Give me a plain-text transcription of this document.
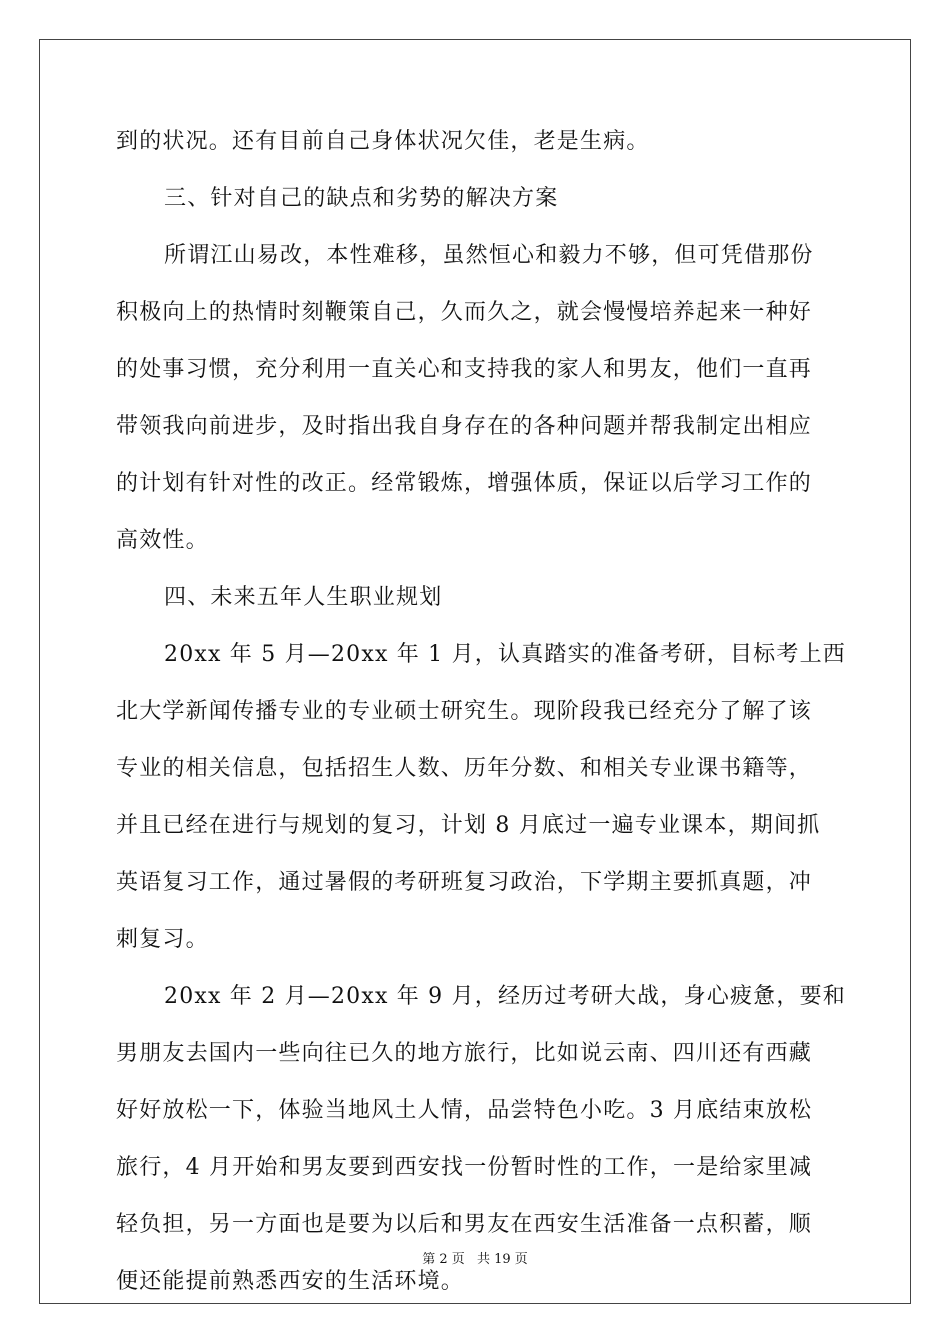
到的状况。还有目前自己身体状况欠佳，老是生病。
三、针对自己的缺点和劣势的解决方案
所谓江山易改，本性难移，虽然恒心和毅力不够，但可凭借那份
积极向上的热情时刻鞭策自己，久而久之，就会慢慢培养起来一种好
的处事习惯，充分利用一直关心和支持我的家人和男友，他们一直再
带领我向前进步，及时指出我自身存在的各种问题并帮我制定出相应
的计划有针对性的改正。经常锻炼，增强体质，保证以后学习工作的
高效性。
四、未来五年人生职业规划
20xx 年 5 月—20xx 年 1 月，认真踏实的准备考研，目标考上西
北大学新闻传播专业的专业硕士研究生。现阶段我已经充分了解了该
专业的相关信息，包括招生人数、历年分数、和相关专业课书籍等，
并且已经在进行与规划的复习，计划 8 月底过一遍专业课本，期间抓
英语复习工作，通过暑假的考研班复习政治，下学期主要抓真题，冲
刺复习。
20xx 年 2 月—20xx 年 9 月，经历过考研大战，身心疲惫，要和
男朋友去国内一些向往已久的地方旅行，比如说云南、四川还有西藏
好好放松一下，体验当地风土人情，品尝特色小吃。3 月底结束放松
旅行，4 月开始和男友要到西安找一份暂时性的工作，一是给家里减
轻负担，另一方面也是要为以后和男友在西安生活准备一点积蓄，顺
便还能提前熟悉西安的生活环境。
第 2 页 共 19 页
